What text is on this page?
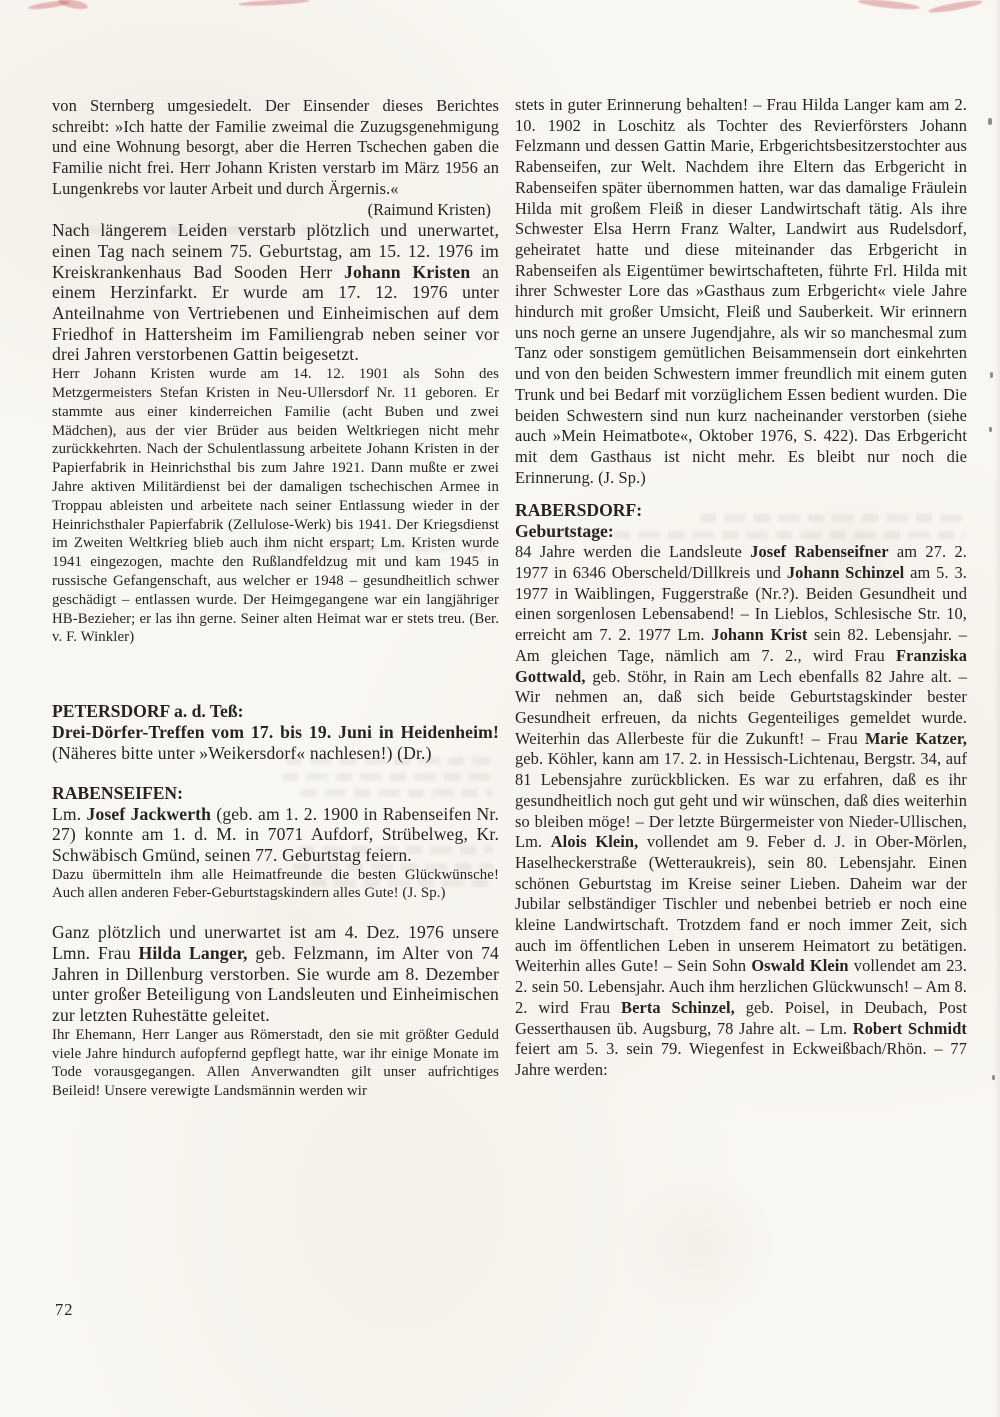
von Sternberg umgesiedelt. Der Einsender dieses Berichtes schreibt: »Ich hatte der Familie zweimal die Zuzugsgenehmigung und eine Wohnung besorgt, aber die Herren Tschechen gaben die Familie nicht frei. Herr Johann Kristen verstarb im März 1956 an Lungenkrebs vor lauter Arbeit und durch Ärgernis.«
(Raimund Kristen)
Nach längerem Leiden verstarb plötzlich und unerwartet, einen Tag nach seinem 75. Geburtstag, am 15. 12. 1976 im Kreiskrankenhaus Bad Sooden Herr Johann Kristen an einem Herzinfarkt. Er wurde am 17. 12. 1976 unter Anteilnahme von Vertriebenen und Einheimischen auf dem Friedhof in Hattersheim im Familiengrab neben seiner vor drei Jahren verstorbenen Gattin beigesetzt.
Herr Johann Kristen wurde am 14. 12. 1901 als Sohn des Metzgermeisters Stefan Kristen in Neu-Ullersdorf Nr. 11 geboren. Er stammte aus einer kinderreichen Familie (acht Buben und zwei Mädchen), aus der vier Brüder aus beiden Weltkriegen nicht mehr zurückkehrten. Nach der Schulentlassung arbeitete Johann Kristen in der Papierfabrik in Heinrichsthal bis zum Jahre 1921. Dann mußte er zwei Jahre aktiven Militärdienst bei der damaligen tschechischen Armee in Troppau ableisten und arbeitete nach seiner Entlassung wieder in der Heinrichsthaler Papierfabrik (Zellulose-Werk) bis 1941. Der Kriegsdienst im Zweiten Weltkrieg blieb auch ihm nicht erspart; Lm. Kristen wurde 1941 eingezogen, machte den Rußlandfeldzug mit und kam 1945 in russische Gefangenschaft, aus welcher er 1948 – gesundheitlich schwer geschädigt – entlassen wurde. Der Heimgegangene war ein langjähriger HB-Bezieher; er las ihn gerne. Seiner alten Heimat war er stets treu. (Ber. v. F. Winkler)
PETERSDORF a. d. Teß:
Drei-Dörfer-Treffen vom 17. bis 19. Juni in Heidenheim! (Näheres bitte unter »Weikersdorf« nachlesen!) (Dr.)
RABENSEIFEN:
Lm. Josef Jackwerth (geb. am 1. 2. 1900 in Rabenseifen Nr. 27) konnte am 1. d. M. in 7071 Aufdorf, Strübelweg, Kr. Schwäbisch Gmünd, seinen 77. Geburtstag feiern.
Dazu übermitteln ihm alle Heimatfreunde die besten Glückwünsche! Auch allen anderen Feber-Geburtstagskindern alles Gute! (J. Sp.)
Ganz plötzlich und unerwartet ist am 4. Dez. 1976 unsere Lmn. Frau Hilda Langer, geb. Felzmann, im Alter von 74 Jahren in Dillenburg verstorben. Sie wurde am 8. Dezember unter großer Beteiligung von Landsleuten und Einheimischen zur letzten Ruhestätte geleitet.
Ihr Ehemann, Herr Langer aus Römerstadt, den sie mit größter Geduld viele Jahre hindurch aufopfernd gepflegt hatte, war ihr einige Monate im Tode vorausgegangen. Allen Anverwandten gilt unser aufrichtiges Beileid! Unsere verewigte Landsmännin werden wir
stets in guter Erinnerung behalten! – Frau Hilda Langer kam am 2. 10. 1902 in Loschitz als Tochter des Revierförsters Johann Felzmann und dessen Gattin Marie, Erbgerichtsbesitzerstochter aus Rabenseifen, zur Welt. Nachdem ihre Eltern das Erbgericht in Rabenseifen später übernommen hatten, war das damalige Fräulein Hilda mit großem Fleiß in dieser Landwirtschaft tätig. Als ihre Schwester Elsa Herrn Franz Walter, Landwirt aus Rudelsdorf, geheiratet hatte und diese miteinander das Erbgericht in Rabenseifen als Eigentümer bewirtschafteten, führte Frl. Hilda mit ihrer Schwester Lore das »Gasthaus zum Erbgericht« viele Jahre hindurch mit großer Umsicht, Fleiß und Sauberkeit. Wir erinnern uns noch gerne an unsere Jugendjahre, als wir so manchesmal zum Tanz oder sonstigem gemütlichen Beisammensein dort einkehrten und von den beiden Schwestern immer freundlich mit einem guten Trunk und bei Bedarf mit vorzüglichem Essen bedient wurden. Die beiden Schwestern sind nun kurz nacheinander verstorben (siehe auch »Mein Heimatbote«, Oktober 1976, S. 422). Das Erbgericht mit dem Gasthaus ist nicht mehr. Es bleibt nur noch die Erinnerung. (J. Sp.)
RABERSDORF:
Geburtstage:
84 Jahre werden die Landsleute Josef Rabenseifner am 27. 2. 1977 in 6346 Oberscheld/Dillkreis und Johann Schinzel am 5. 3. 1977 in Waiblingen, Fuggerstraße (Nr.?). Beiden Gesundheit und einen sorgenlosen Lebensabend! – In Lieblos, Schlesische Str. 10, erreicht am 7. 2. 1977 Lm. Johann Krist sein 82. Lebensjahr. – Am gleichen Tage, nämlich am 7. 2., wird Frau Franziska Gottwald, geb. Stöhr, in Rain am Lech ebenfalls 82 Jahre alt. – Wir nehmen an, daß sich beide Geburtstagskinder bester Gesundheit erfreuen, da nichts Gegenteiliges gemeldet wurde. Weiterhin das Allerbeste für die Zukunft! – Frau Marie Katzer, geb. Köhler, kann am 17. 2. in Hessisch-Lichtenau, Bergstr. 34, auf 81 Lebensjahre zurückblicken. Es war zu erfahren, daß es ihr gesundheitlich noch gut geht und wir wünschen, daß dies weiterhin so bleiben möge! – Der letzte Bürgermeister von Nieder-Ullischen, Lm. Alois Klein, vollendet am 9. Feber d. J. in Ober-Mörlen, Haselheckerstraße (Wetteraukreis), sein 80. Lebensjahr. Einen schönen Geburtstag im Kreise seiner Lieben. Daheim war der Jubilar selbständiger Tischler und nebenbei betrieb er noch eine kleine Landwirtschaft. Trotzdem fand er noch immer Zeit, sich auch im öffentlichen Leben in unserem Heimatort zu betätigen. Weiterhin alles Gute! – Sein Sohn Oswald Klein vollendet am 23. 2. sein 50. Lebensjahr. Auch ihm herzlichen Glückwunsch! – Am 8. 2. wird Frau Berta Schinzel, geb. Poisel, in Deubach, Post Gesserthausen üb. Augsburg, 78 Jahre alt. – Lm. Robert Schmidt feiert am 5. 3. sein 79. Wiegenfest in Eckweißbach/Rhön. – 77 Jahre werden:
72
